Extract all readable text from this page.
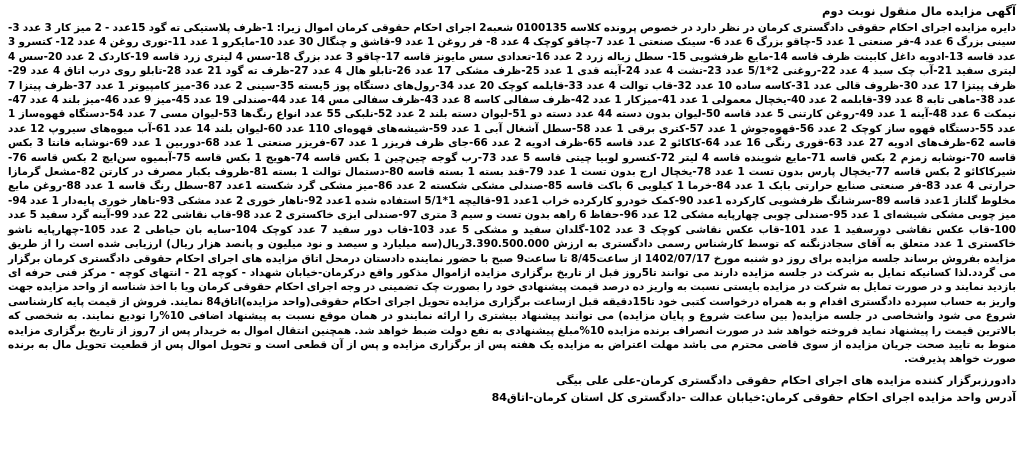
آگهی مزایده مال منقول نوبت دوم

دایره مزایده اجرای احکام حقوقی دادگستری کرمان در نظر دارد در خصوص پرونده کلاسه 0100135 شعبه2 اجرای احکام حقوقی کرمان اموال زیرا: 1-ظرف پلاستیکی ته گود 15عدد - 2 میز کار 3 عدد 3-سینی بزرگ 6 عدد 4-فر صنعتی 1 عدد 5-چاقو بزرگ 6 عدد 6- سینک صنعتی 1 عدد 7-چاقو کوچک 4 عدد 8- فر روغن 1 عدد 9-قاشق و چنگال 30 عدد 10-مایکرو 1 عدد 11-توری روغن 4 عدد 12- کتسرو 3 عدد قاسه 13-ادویه داغل کابینت ظرف قاسه 14-مایع ظرفشویی 15- سطل زباله زرد 2 عدد 16-تعدادی سس مایونز قاسه 17-چاقو 3 عدد بزرگ 18-سس 4 لیتری زرد قاسه 19-کاردک 2 عدد 20-سس 4 لیتری سفید 21-آب چک سبد 4 عدد 22-روغنی 2*5/1 عدد 23-تشت 4 عدد 24-آینه قدی 1 عدد 25-ظرف مشکی 17 عدد 26-تابلو هال 4 عدد 27-ظرف ته گود 21 عدد 28-تابلو روی درب اتاق 4 عدد 29-ظرف پیتزا 17 عدد 30-ظروف قالی عدد 31-کاسه ساده 10 عدد 32-قاب توالت 4 عدد 33-قابلمه کوچک 20 عدد 34-رول‌های دستگاه پوز 5بسته 35-سینی 2 عدد 36-میز کامپیوتر 1 عدد 37-ظرف پیتزا 7 عدد 38-ماهی تابه 8 عدد 39-قابلمه 2 عدد 40-یخچال معمولی 1 عدد 41-میزکار 1 عدد 42-ظرف سفالی کاسه 8 عدد 43-ظرف سفالی مس 14 عدد 44-صندلی 19 عدد 45-میز 9 عدد 46-میز بلند 4 عدد 47-نیمکت 6 عدد 48-آینه 1 عدد 49-روغن کارتنی 5 عدد قاسه 50-لیوان بدون دسته 44 عدد دسته دو 51-لیوان دسته بلند 2 عدد 52-نلبکی 55 عدد انواع رنگ‌ها 53-لیوان مسی 7 عدد 54-دستگاه قهوه‌ساز 1 عدد 55-دستگاه قهوه ساز کوچک 2 عدد 56-قهوه‌جوش 1 عدد 57-کتری برقی 1 عدد 58-سطل آشغال آبی 1 عدد 59-شیشه‌های قهوه‌ای 110 عدد 60-لیوان بلند 14 عدد 61-آب میوه‌های سیروپ 12 عدد قاسه 62-ظرف‌های ادویه 27 عدد 63-قوری رنگی 16 عدد 64-کاکائو 2 عدد قاسه 65-ظرف ادویه 2 عدد 66-جای ظرف فریزر 1 عدد 67-فریزر صنعتی 1 عدد 68-دوربین 1 عدد 69-نوشابه فانتا 3 بکس قاسه 70-نوشابه زمزم 2 بکس قاسه 71-مایع شوینده قاسه 4 لیتر 72-کنسرو لوبیا چیتی قاسه 5 عدد 73-رب گوجه چین‌چین 1 بکس قاسه 74-هویج 1 بکس قاسه 75-آبمیوه سن‌ایچ 2 بکس قاسه 76-شیرکاکائو 2 بکس قاسه 77-یخچال پارس بدون تست 1 عدد 78-یخچال ارج بدون تست 1 عدد 79-قند بسته 1 بسته قاسه 80-دستمال توالت 1 بسته 81-ظروف یکبار مصرف در کارتن 82-مشعل گرمازا حرارتی 4 عدد 83-فر صنعتی صنایع حرارتی بابک 1 عدد 84-خرما 1 کیلویی 6 باکت قاسه 85-صندلی مشکی شکسته 2 عدد 86-میز مشکی گرد شکسته 1عدد 87-سطل رنگ قاسه 1 عدد 88-روغن مایع مخلوط گلناز 1عدد قاسه 89-سرشانگ ظرفشویی کارکرده 1عدد 90-کمک خودرو کارکرده خراب 1عدد 91-قالیچه 1*5/1 استفاده شده 1عدد 92-ناهار خوری 2 عدد مشکی 93-ناهار خوری پایه‌دار 1 عدد 94-میز چوبی مشکی شیشه‌ای 1 عدد 95-صندلی چوبی چهارپایه مشکی 12 عدد 96-حفاظ 6 راهه بدون تست و سیم 3 متری 97-صندلی ایزی خاکستری 2 عدد 98-قاب نقاشی 22 عدد 99-آینه گرد سفید 5 عدد 100-قاب عکس نقاشی دورسفید 1 عدد 101-قاب عکس نقاشی کوچک 3 عدد 102-گلدان سفید و مشکی 5 عدد 103-قاب دور سفید 7 عدد کوچک 104-سایه بان حیاطی 2 عدد 105-چهارپایه ناشو خاکستری 1 عدد متعلق به آقای سجادزنگنه که توسط کارشناس رسمی دادگستری به ارزش 3.390.500.000ریال(سه میلیارد و سیصد و نود میلیون و پانصد هزار ریال) ارزیابی شده است را از طریق مزایده بفروش برساند جلسه مزایده برای روز دو شنبه مورخ 1402/07/17 از ساعت8/45 تا ساعت9 صبح با حضور نماینده دادستان درمحل اتاق مزایده های اجرای احکام حقوقی دادگستری کرمان برگزار می گردد.لذا کسانیکه تمایل به شرکت در جلسه مزایده دارند می توانند تا5روز قبل از تاریخ برگزاری مزایده ازاموال مذکور واقع درکرمان-خیابان شهداد - کوچه 21 - انتهای کوچه - مرکز فنی حرفه ای بازدید نمایند و در صورت تمایل به شرکت در مزایده بایستی نسبت به واریز ده درصد قیمت پیشنهادی خود را بصورت چک تضمینی در وجه اجرای احکام حقوقی کرمان ویا با اخذ شناسه از واحد مزایده جهت واریز به حساب سپرده دادگستری اقدام و به همراه درخواست کتبی خود تا15دقیقه قبل ازساعت برگزاری مزایده تحویل اجرای احکام حقوقی(واحد مزایده)اتاق84 نمایند. فروش از قیمت پایه کارشناسی شروع می شود واشخاصی در جلسه مزایده( بین ساعت شروع و پایان مزایده) می توانند پیشنهاد بیشتری را ارائه نمایندو در همان موقع نسبت به پیشنهاد اضافی 10%را تودیع نمایند. به شخصی که بالاترین قیمت را پیشنهاد نماید فروخته خواهد شد در صورت انصراف برنده مزایده 10%مبلغ پیشنهادی به نفع دولت ضبط خواهد شد. همچنین انتقال اموال به خریدار پس از 7روز از تاریخ برگزاری مزایده منوط به تایید صحت جریان مزایده از سوی قاضی محترم می باشد مهلت اعتراض به مزایده یک هفته پس از برگزاری مزایده و پس از آن قطعی است و تحویل اموال پس از قطعیت تحویل مال به برنده صورت خواهد پذیرفت.

دادورزبرگزار کننده مزایده های اجرای احکام حقوقی دادگستری کرمان-علی علی بیگی

آدرس واحد مزایده اجرای احکام حقوقی کرمان:خیابان عدالت -دادگستری کل استان کرمان-اتاق84
